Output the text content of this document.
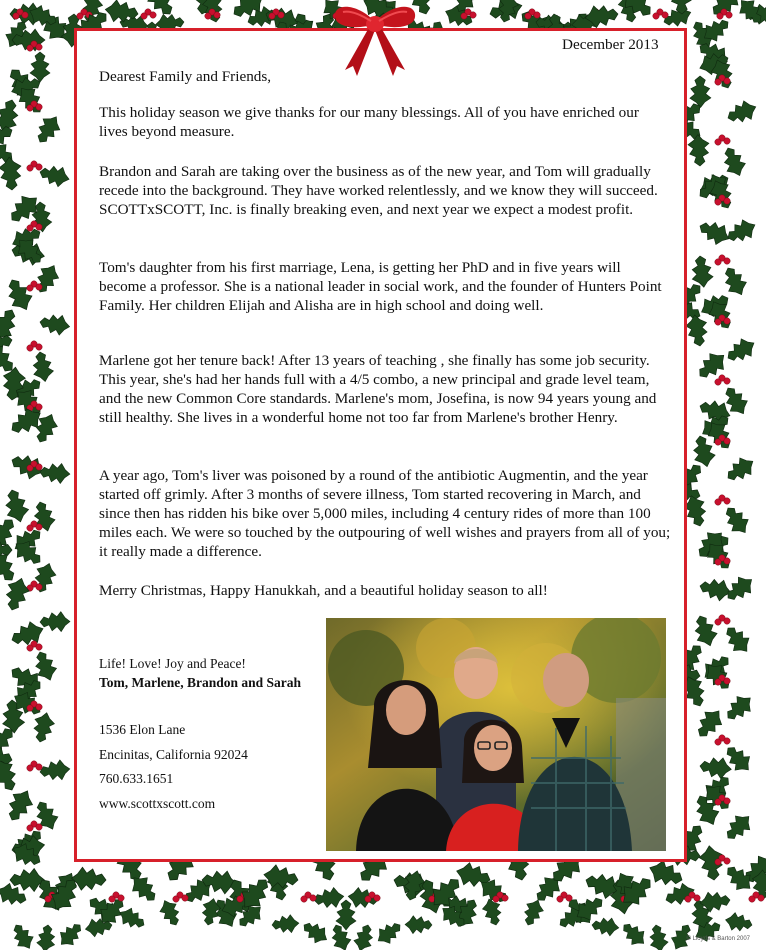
December 2013
Dearest Family and Friends,

This holiday season we give thanks for our many blessings. All of you have enriched our lives beyond measure.

Brandon and Sarah are taking over the business as of the new year, and Tom will gradually recede into the background. They have worked relentlessly, and we know they will succeed. SCOTTxSCOTT, Inc. is finally breaking even, and next year we expect a modest profit.

Tom's daughter from his first marriage, Lena, is getting her PhD and in five years will become a professor. She is a national leader in social work, and the founder of Hunters Point Family. Her children Elijah and Alisha are in high school and doing well.

Marlene got her tenure back! After 13 years of teaching , she finally has some job security. This year, she's had her hands full with a 4/5 combo, a new principal and grade level team, and the new Common Core standards. Marlene's mom, Josefina, is now 94 years young and still healthy. She lives in a wonderful home not too far from Marlene's brother Henry.

A year ago, Tom's liver was poisoned by a round of the antibiotic Augmentin, and the year started off grimly. After 3 months of severe illness, Tom started recovering in March, and since then has ridden his bike over 5,000 miles, including 4 century rides of more than 100 miles each. We were so touched by the outpouring of well wishes and prayers from all of you; it really made a difference.

Merry Christmas, Happy Hanukkah, and a beautiful holiday season to all!

Life! Love! Joy and Peace!
Tom, Marlene, Brandon and Sarah
1536 Elon Lane
Encinitas, California 92024
760.633.1651
www.scottxscott.com
© Lloyds & Barton 2007
